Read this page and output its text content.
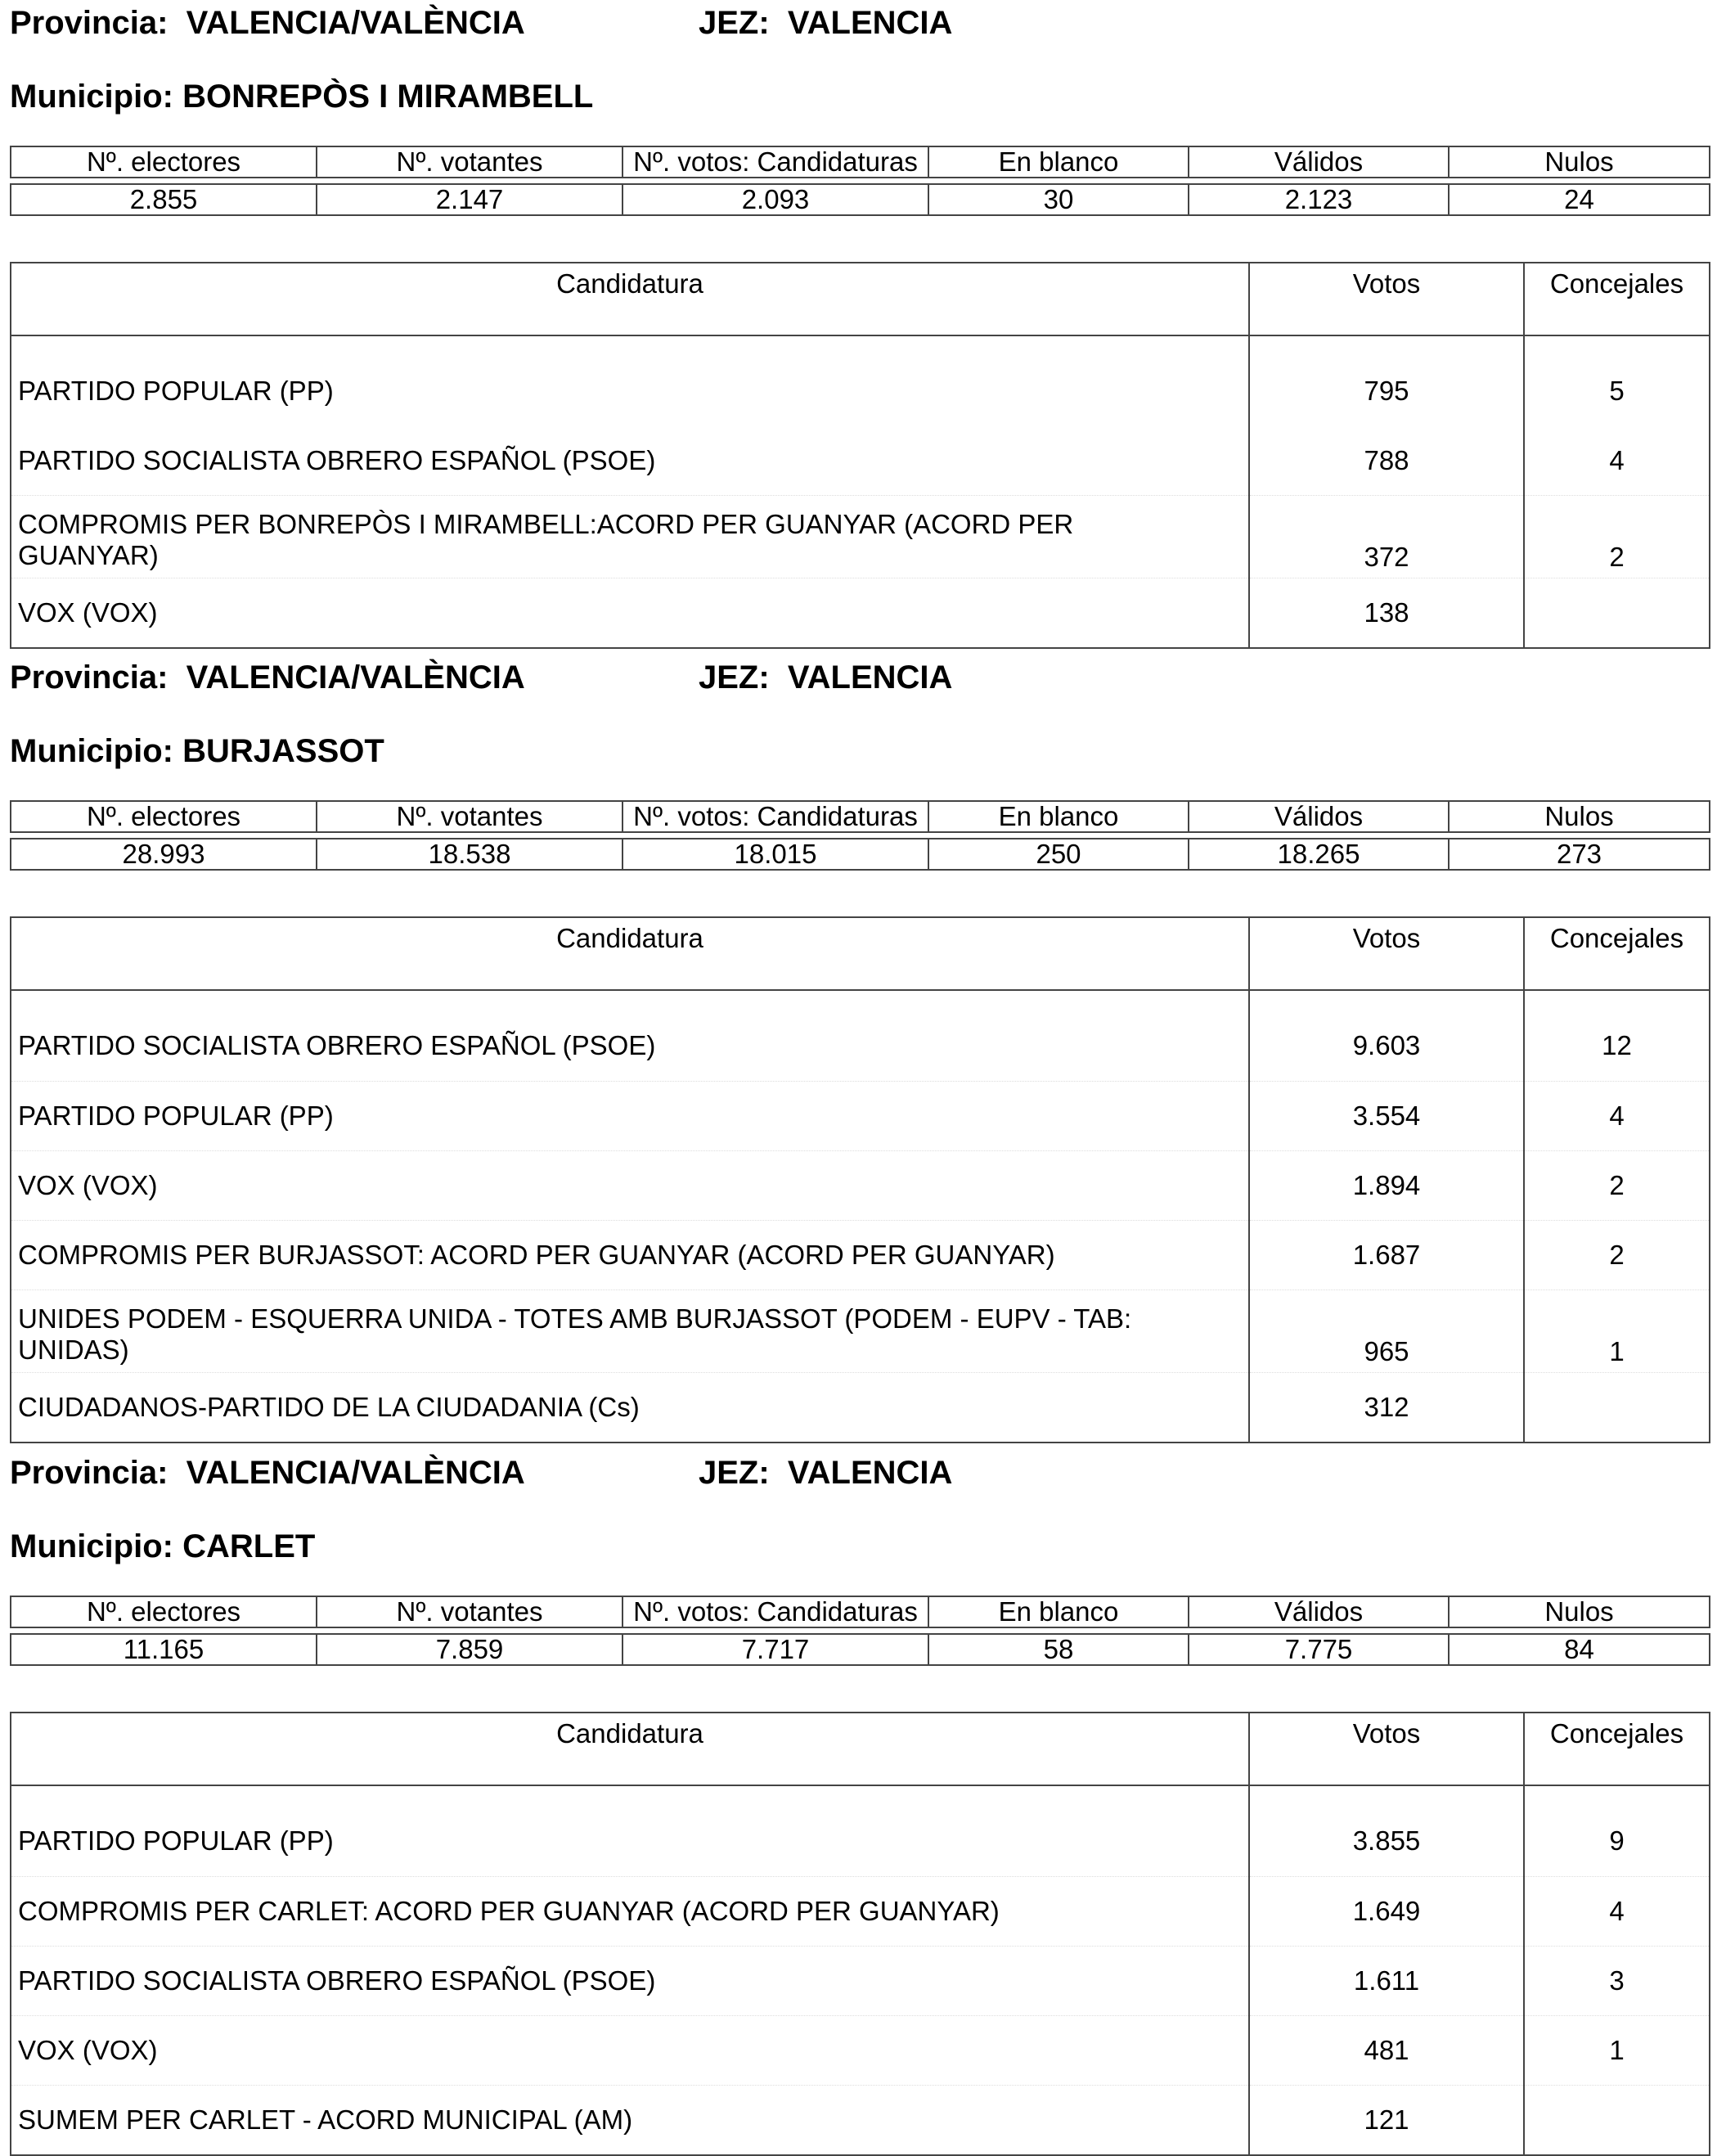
Provincia: VALENCIA/VALÈNCIA	JEZ: VALENCIA
Municipio: BONREPÒS I MIRAMBELL
Nº. electores	Nº. votantes	Nº. votos: Candidaturas	En blanco	Válidos	Nulos

2.855	2.147	2.093	30	2.123	24
Candidatura	Votos	Concejales
PARTIDO POPULAR (PP)	795	5
PARTIDO SOCIALISTA OBRERO ESPAÑOL (PSOE)	788	4
COMPROMIS PER BONREPÒS I MIRAMBELL:ACORD PER GUANYAR (ACORD PER GUANYAR)	372	2
VOX (VOX)	138	
Provincia: VALENCIA/VALÈNCIA	JEZ: VALENCIA
Municipio: BURJASSOT
Nº. electores	Nº. votantes	Nº. votos: Candidaturas	En blanco	Válidos	Nulos

28.993	18.538	18.015	250	18.265	273
Candidatura	Votos	Concejales
PARTIDO SOCIALISTA OBRERO ESPAÑOL (PSOE)	9.603	12
PARTIDO POPULAR (PP)	3.554	4
VOX (VOX)	1.894	2
COMPROMIS PER BURJASSOT: ACORD PER GUANYAR (ACORD PER GUANYAR)	1.687	2
UNIDES PODEM - ESQUERRA UNIDA - TOTES AMB BURJASSOT (PODEM - EUPV - TAB: UNIDAS)	965	1
CIUDADANOS-PARTIDO DE LA CIUDADANIA (Cs)	312	
Provincia: VALENCIA/VALÈNCIA	JEZ: VALENCIA
Municipio: CARLET
Nº. electores	Nº. votantes	Nº. votos: Candidaturas	En blanco	Válidos	Nulos

11.165	7.859	7.717	58	7.775	84
Candidatura	Votos	Concejales
PARTIDO POPULAR (PP)	3.855	9
COMPROMIS PER CARLET: ACORD PER GUANYAR (ACORD PER GUANYAR)	1.649	4
PARTIDO SOCIALISTA OBRERO ESPAÑOL (PSOE)	1.611	3
VOX (VOX)	481	1
SUMEM PER CARLET - ACORD MUNICIPAL (AM)	121	
